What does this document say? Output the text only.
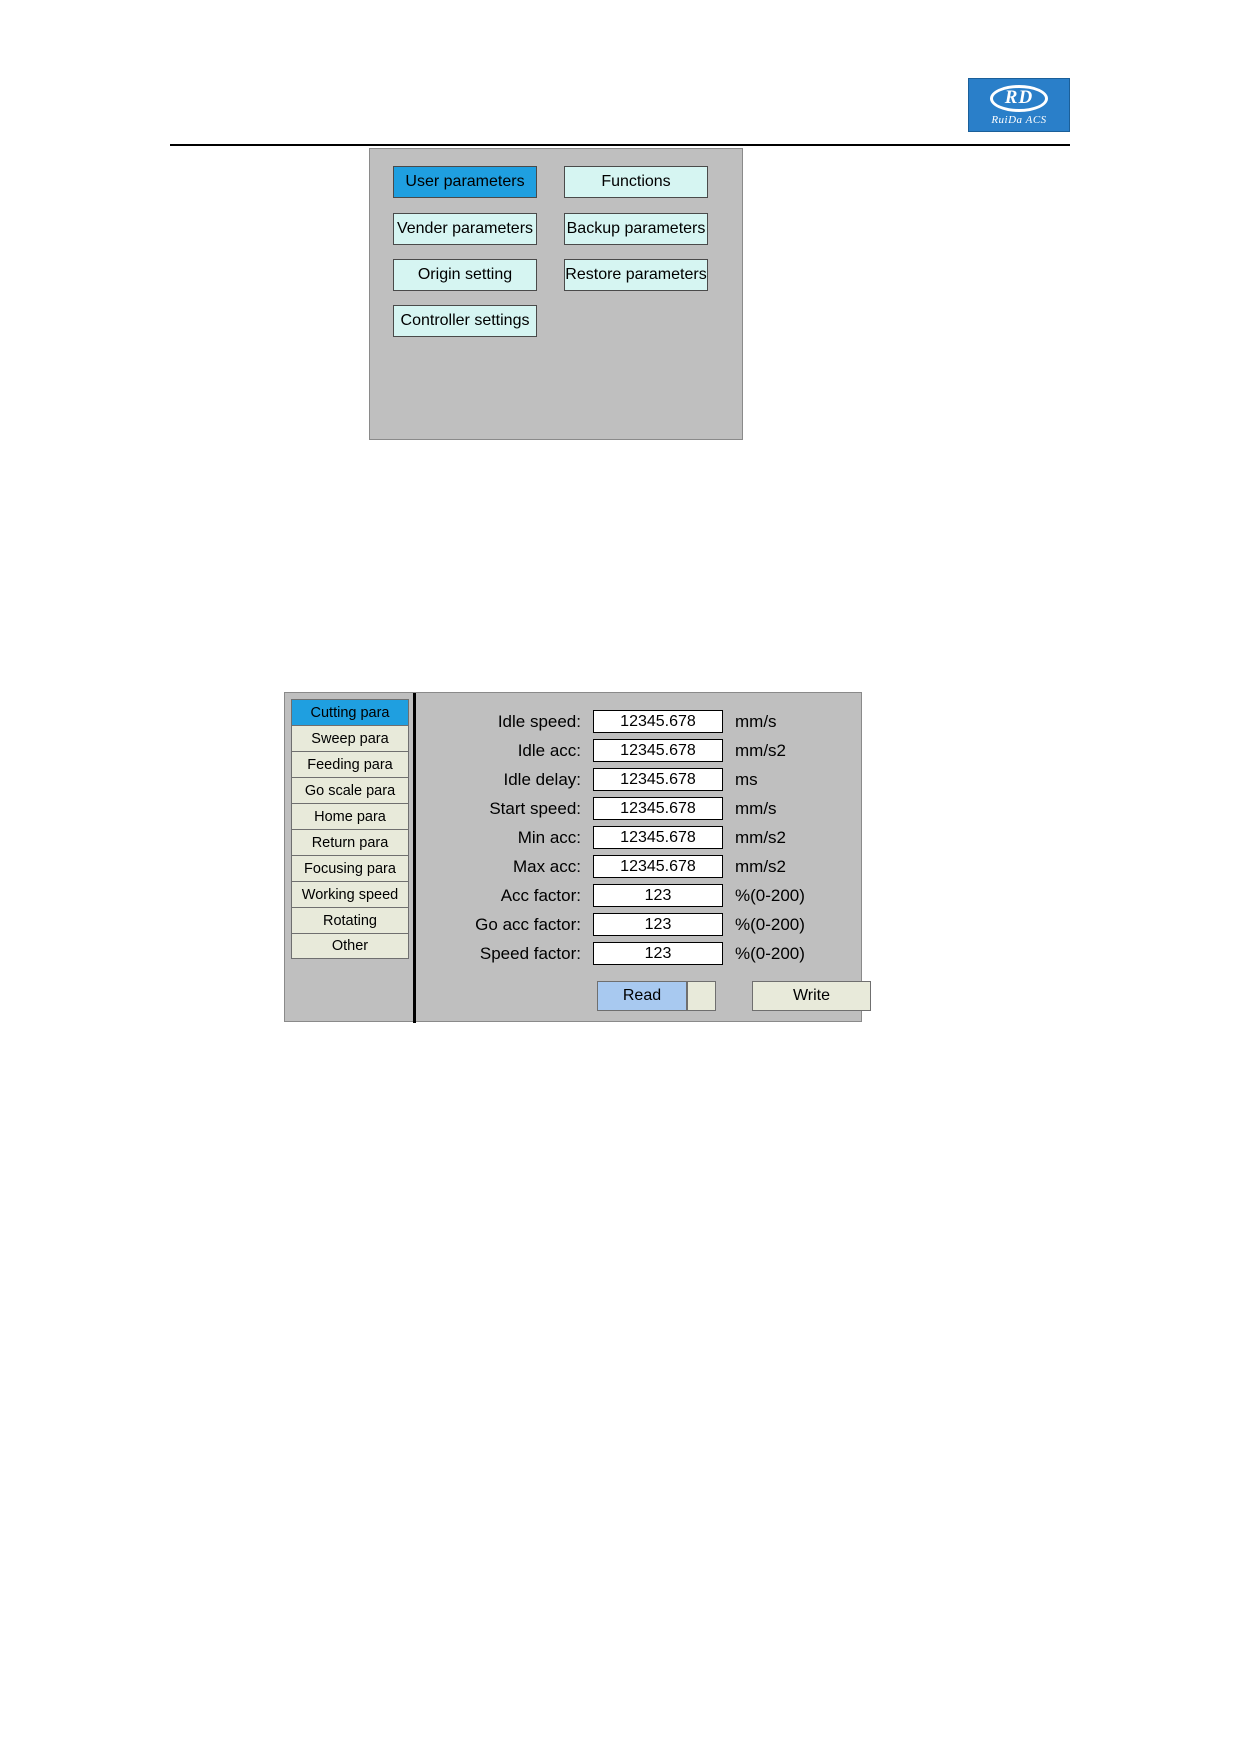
RD
RuiDa ACS
User parameters	Functions
Vender parameters Backup parameters
Origin setting	Restore parameters
Controller settings
Cutting para
Sweep para
Feeding para
Go scale para
Home para
Return para
Focusing para
Working speed
Rotating
Other
Idle speed:	12345.678	mm/s
Idle acc:	12345.678	mm/s2
Idle delay:	12345.678	ms
Start speed:	12345.678	mm/s
Min acc:	12345.678	mm/s2
Max acc:	12345.678	mm/s2
Acc factor:	123	%(0-200)
Go acc factor:	123	%(0-200)
Speed factor:	123	%(0-200)
Read	Write
